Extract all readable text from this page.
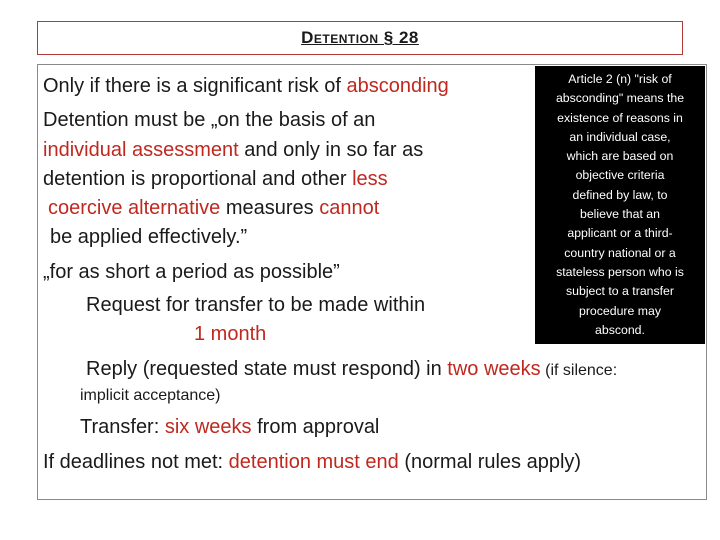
Detention § 28
Article 2 (n) "risk of
absconding" means the
existence of reasons in
an individual case,
which are based on
objective criteria
defined by law, to
believe that an
applicant or a third-
country national or a
stateless person who is
subject to a transfer
procedure may
abscond.
Only if there is a significant risk of absconding
Detention must be „on the basis of an
individual assessment and only in so far as
detention is proportional and other less
coercive alternative measures cannot
be applied effectively.”
„for as short a period as possible”
Request for transfer to be made within
1 month
Reply (requested state must respond) in two weeks (if silence:
implicit acceptance)
Transfer: six weeks from approval
If deadlines not met: detention must end (normal rules apply)
